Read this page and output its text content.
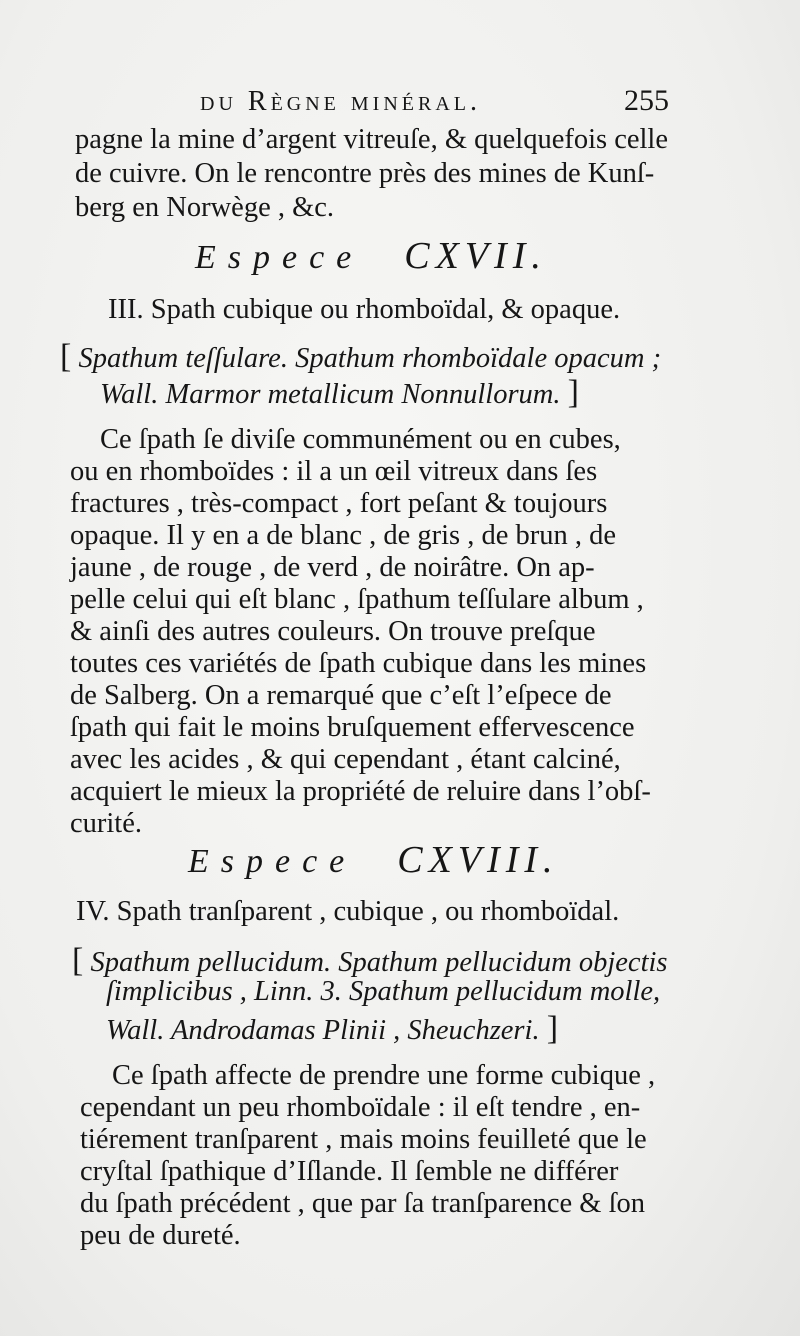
du Règne minéral.	255
pagne la mine d’argent vitreuſe, & quelquefois celle
de cuivre. On le rencontre près des mines de Kunſ-
berg en Norwège , &c.
Espece CXVII.
III. Spath cubique ou rhomboïdal, & opaque.
[ Spathum teſſulare. Spathum rhomboïdale opacum ;
Wall. Marmor metallicum Nonnullorum. ]
Ce ſpath ſe diviſe communément ou en cubes,
ou en rhomboïdes : il a un œil vitreux dans ſes
fractures , très-compact , fort peſant & toujours
opaque. Il y en a de blanc , de gris , de brun , de
jaune , de rouge , de verd , de noirâtre. On ap-
pelle celui qui eſt blanc , ſpathum teſſulare album ,
& ainſi des autres couleurs. On trouve preſque
toutes ces variétés de ſpath cubique dans les mines
de Salberg. On a remarqué que c’eſt l’eſpece de
ſpath qui fait le moins bruſquement effervescence
avec les acides , & qui cependant , étant calciné,
acquiert le mieux la propriété de reluire dans l’obſ-
curité.
Espece CXVIII.
IV. Spath tranſparent , cubique , ou rhomboïdal.
[ Spathum pellucidum. Spathum pellucidum objectis
ſimplicibus , Linn. 3. Spathum pellucidum molle,
Wall. Androdamas Plinii , Sheuchzeri. ]
Ce ſpath affecte de prendre une forme cubique ,
cependant un peu rhomboïdale : il eſt tendre , en-
tiérement tranſparent , mais moins feuilleté que le
cryſtal ſpathique d’Iſlande. Il ſemble ne différer
du ſpath précédent , que par ſa tranſparence & ſon
peu de dureté.
